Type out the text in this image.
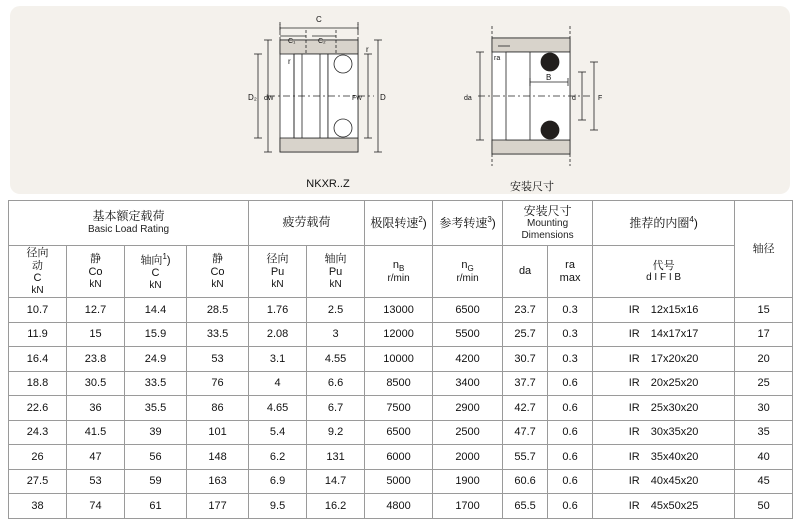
C
C₁	C₂
r
r
D₂ dW	FW D
ra
B
d	F
da
NKXR..Z	安装尺寸
基本额定载荷
Basic Load Rating				疲劳载荷		极限转速$^2$)	参考转速$^3$)	安装尺寸
Mounting Dimensions		推荐的内圈$^4$)	轴径

径向
动
C
kN	静
Co
kN	轴向$^1$)
C
kN	静
Co
kN	径向
Pu
kN	轴向
Pu
kN	$n_B$
r/min	$n_G$
r/min	da	ra
max	代号
d I F I B	

10.7	12.7	14.4	28.5	1.76	2.5	13000	6500	23.7	0.3	IR 12x15x16	15
11.9	15	15.9	33.5	2.08	3	12000	5500	25.7	0.3	IR 14x17x17	17
16.4	23.8	24.9	53	3.1	4.55	10000	4200	30.7	0.3	IR 17x20x20	20
18.8	30.5	33.5	76	4	6.6	8500	3400	37.7	0.6	IR 20x25x20	25
22.6	36	35.5	86	4.65	6.7	7500	2900	42.7	0.6	IR 25x30x20	30
24.3	41.5	39	101	5.4	9.2	6500	2500	47.7	0.6	IR 30x35x20	35
26	47	56	148	6.2	131	6000	2000	55.7	0.6	IR 35x40x20	40
27.5	53	59	163	6.9	14.7	5000	1900	60.6	0.6	IR 40x45x20	45
38	74	61	177	9.5	16.2	4800	1700	65.5	0.6	IR 45x50x25	50
